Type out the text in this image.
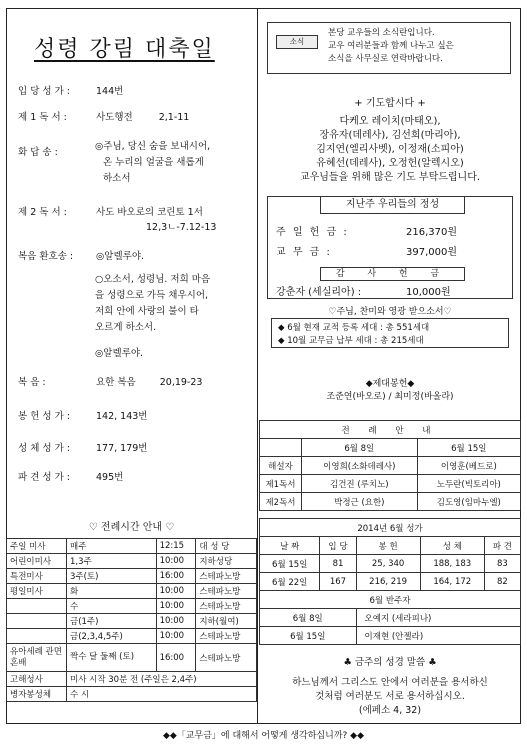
성령 강림 대축일
입 당 성 가 :	144번
제 1 독 서 :	사도행전	2,1-11
화 답 송 :
◎주님, 당신 숨을 보내시어,
온 누리의 얼굴을 새롭게
하소서
제 2 독 서 :	사도 바오로의 코린토 1서
12,3ㄴ-7.12-13
복음 환호송 : ◎알렐루야.
○오소서, 성령님. 저희 마음
을 성령으로 가득 채우시어,
저희 안에 사랑의 불이 타
오르게 하소서.
◎알렐루야.
복 음 :	요한 복음	20,19-23
봉 헌 성 가 :	142, 143번
성 체 성 가 :	177, 179번
파 견 성 가 :	495번
♡ 전례시간 안내 ♡
주일 미사	매주	12:15	대 성 당
어린이미사	1,3주	10:00	지하성당
특전미사	3주(토)	16:00	스테파노방
평일미사	화	10:00	스테파노방
	수	10:00	스테파노방
	금(1주)	10:00	지하(월여)
	금(2,3,4,5주)	10:00	스테파노방
유아세례 관면혼배	짝수 달 둘째 (토)	16:00	스테파노방
고해성사	미사 시작 30분 전 (주일은 2,4주)		
병자봉성체	수 시		
소식

본당 교우들의 소식란입니다.
교우 여러분들과 함께 나누고 싶은
소식을 사무실로 연락바랍니다.

+ 기도합시다 +
다케오 레이치(마태오),
장유자(데레사), 김선희(마리아),
김지연(엘리사벳), 이정재(소피아)
유혜선(데레사), 오정헌(알렉시오)
교우님들을 위해 많은 기도 부탁드립니다.
지난주 우리들의 정성
주 일 헌 금 :	216,370원
교 무 금 :	397,000원
감 사 헌 금
강춘자 (세실리아) :	10,000원
♡주님, 찬미와 영광 받으소서♡
◆ 6월 현재 교적 등록 세대 : 총 551세대
◆ 10월 교무금 납부 세대 : 총 215세대
◆제대봉헌◆
조준연(바오로) / 최미정(바올라)
전 례 안 내		
	6월 8일	6월 15일
해설자	이영희(소화데레사)	이영훈(베드로)
제1독서	김건진 (루치노)	노두란(빅토리아)
제2독서	박정근 (요한)	김도영(임마누엘)
2014년 6월 성가				
날 짜	입 당	봉 헌	성 체	파 견
6월 15일	81	25, 340	188, 183	83
6월 22일	167	216, 219	164, 172	82
6월 반주자				
6월 8일		오예지 (세라피나)		
6월 15일		이재현 (안젤라)		
♣ 금주의 성경 말씀 ♣
하느님께서 그리스도 안에서 여러분을 용서하신
것처럼 여러분도 서로 용서하십시오.
(에페소 4, 32)
◆◆「교무금」에 대해서 어떻게 생각하십니까? ◆◆
